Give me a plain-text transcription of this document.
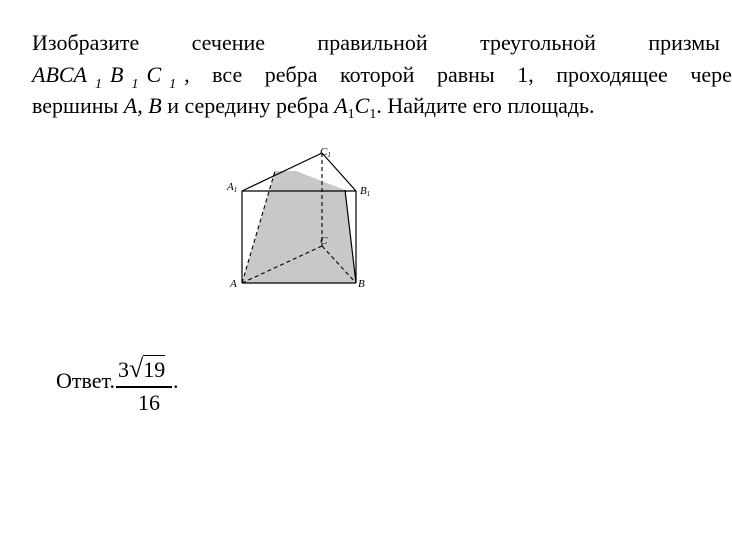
Изобразите сечение правильной треугольной призмы
ABCA $_1$ B $_1$ C $_1$ , все ребра которой равны 1, проходящее чере
вершины A, B и середину ребра $A_1C_1$. Найдите его площадь.
A1	B1
C1
C
A	B
Ответ. 3√19
16
.
